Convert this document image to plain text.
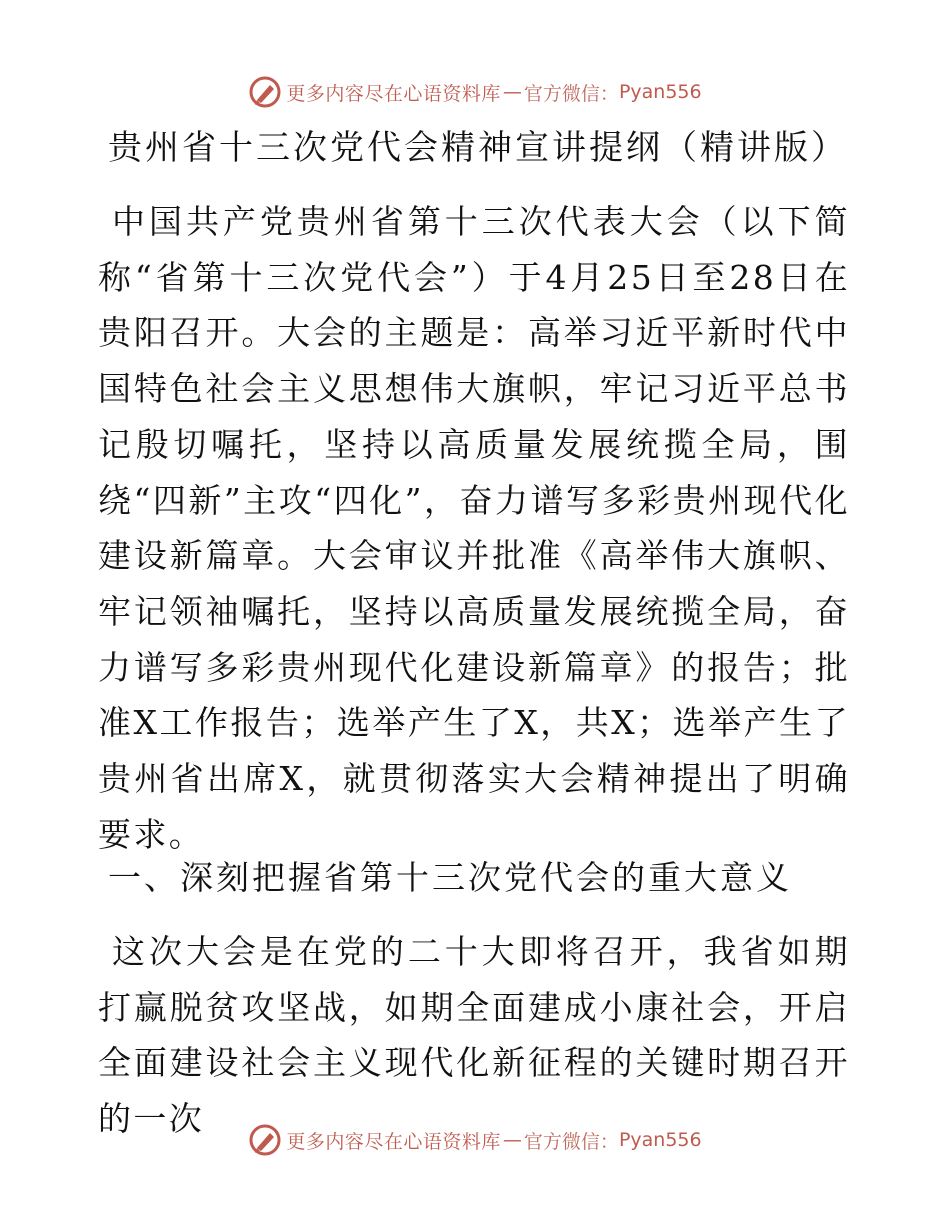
更多内容尽在心语资料库 — 官方微信： Pyan556
贵州省十三次党代会精神宣讲提纲（精讲版）
中国共产党贵州省第十三次代表大会（以下简称“省第十三次党代会”）于4月25日至28日在贵阳召开。大会的主题是：高举习近平新时代中国特色社会主义思想伟大旗帜，牢记习近平总书记殷切嘱托，坚持以高质量发展统揽全局，围绕“四新”主攻“四化”，奋力谱写多彩贵州现代化建设新篇章。大会审议并批准《高举伟大旗帜、牢记领袖嘱托，坚持以高质量发展统揽全局，奋力谱写多彩贵州现代化建设新篇章》的报告；批准X工作报告；选举产生了X，共X；选举产生了贵州省出席X，就贯彻落实大会精神提出了明确要求。
一、深刻把握省第十三次党代会的重大意义
这次大会是在党的二十大即将召开，我省如期打赢脱贫攻坚战，如期全面建成小康社会，开启全面建设社会主义现代化新征程的关键时期召开的一次
更多内容尽在心语资料库 — 官方微信： Pyan556
